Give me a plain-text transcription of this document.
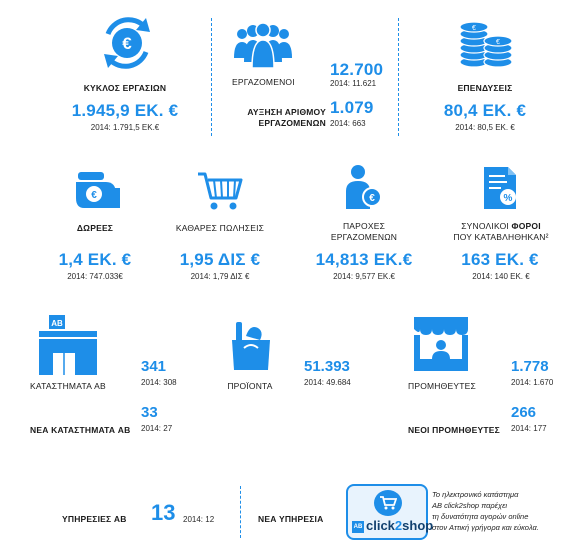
€
ΚΥΚΛΟΣ ΕΡΓΑΣΙΩΝ
1.945,9 ΕΚ. €
2014: 1.791,5 ΕΚ.€
ΕΡΓΑΖΟΜΕΝΟΙ
12.700
2014: 11.621
ΑΥΞΗΣΗ ΑΡΙΘΜΟΥ
ΕΡΓΑΖΟΜΕΝΩΝ
1.079
2014: 663
€
€
ΕΠΕΝΔΥΣΕΙΣ
80,4 ΕΚ. €
2014: 80,5 ΕΚ. €
€
ΔΩΡΕΕΣ
1,4 ΕΚ. €
2014: 747.033€
ΚΑΘΑΡΕΣ ΠΩΛΗΣΕΙΣ
1,95 ΔΙΣ €
2014: 1,79 ΔΙΣ €
€
ΠΑΡΟΧΕΣ
ΕΡΓΑΖΟΜΕΝΩΝ
14,813 ΕΚ.€
2014: 9,577 ΕΚ.€
%
ΣΥΝΟΛΙΚΟΙ ΦΟΡΟΙ
ΠΟΥ ΚΑΤΑΒΛΗΘΗΚΑΝ²
163 ΕΚ. €
2014: 140 ΕΚ. €
AB
ΚΑΤΑΣΤΗΜΑΤΑ AB
341
2014: 308
ΝΕΑ ΚΑΤΑΣΤΗΜΑΤΑ AB
33
2014: 27
ΠΡΟΪΟΝΤΑ
51.393
2014: 49.684	ΠΡΟΜΗΘΕΥΤΕΣ
1.778
2014: 1.670
ΝΕΟΙ ΠΡΟΜΗΘΕΥΤΕΣ
266
2014: 177
ΥΠΗΡΕΣΙΕΣ AB 13 2014: 12	ΝΕΑ ΥΠΗΡΕΣΙΑ
AB click2shop
Το ηλεκτρονικό κατάστημα
ΑΒ click2shop παρέχει
τη δυνατότητα αγορών online
στον Αττική γρήγορα και εύκολα.
